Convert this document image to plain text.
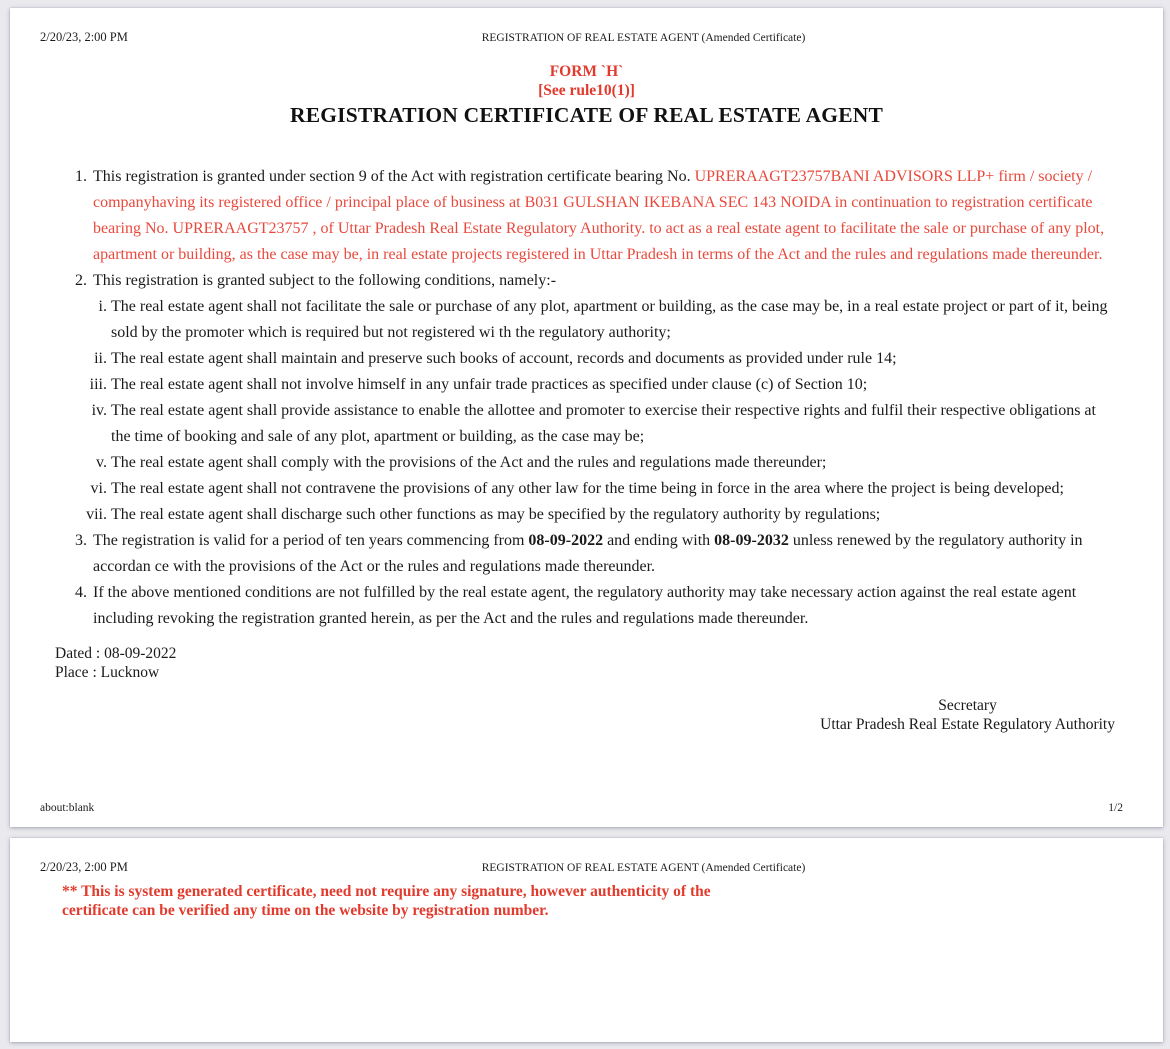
2/20/23, 2:00 PM	REGISTRATION OF REAL ESTATE AGENT (Amended Certificate)
FORM `H`
[See rule10(1)]
REGISTRATION CERTIFICATE OF REAL ESTATE AGENT
1. This registration is granted under section 9 of the Act with registration certificate bearing No. UPRERAAGT23757BANI ADVISORS LLP+ firm / society / companyhaving its registered office / principal place of business at B031 GULSHAN IKEBANA SEC 143 NOIDA in continuation to registration certificate bearing No. UPRERAAGT23757 , of Uttar Pradesh Real Estate Regulatory Authority. to act as a real estate agent to facilitate the sale or purchase of any plot, apartment or building, as the case may be, in real estate projects registered in Uttar Pradesh in terms of the Act and the rules and regulations made thereunder.
2. This registration is granted subject to the following conditions, namely:-
i. The real estate agent shall not facilitate the sale or purchase of any plot, apartment or building, as the case may be, in a real estate project or part of it, being sold by the promoter which is required but not registered wi th the regulatory authority;
ii. The real estate agent shall maintain and preserve such books of account, records and documents as provided under rule 14;
iii. The real estate agent shall not involve himself in any unfair trade practices as specified under clause (c) of Section 10;
iv. The real estate agent shall provide assistance to enable the allottee and promoter to exercise their respective rights and fulfil their respective obligations at the time of booking and sale of any plot, apartment or building, as the case may be;
v. The real estate agent shall comply with the provisions of the Act and the rules and regulations made thereunder;
vi. The real estate agent shall not contravene the provisions of any other law for the time being in force in the area where the project is being developed;
vii. The real estate agent shall discharge such other functions as may be specified by the regulatory authority by regulations;
3. The registration is valid for a period of ten years commencing from 08-09-2022 and ending with 08-09-2032 unless renewed by the regulatory authority in accordan ce with the provisions of the Act or the rules and regulations made thereunder.
4. If the above mentioned conditions are not fulfilled by the real estate agent, the regulatory authority may take necessary action against the real estate agent including revoking the registration granted herein, as per the Act and the rules and regulations made thereunder.
Dated : 08-09-2022
Place : Lucknow
Secretary
Uttar Pradesh Real Estate Regulatory Authority
about:blank	1/2
2/20/23, 2:00 PM	REGISTRATION OF REAL ESTATE AGENT (Amended Certificate)
** This is system generated certificate, need not require any signature, however authenticity of the certificate can be verified any time on the website by registration number.
